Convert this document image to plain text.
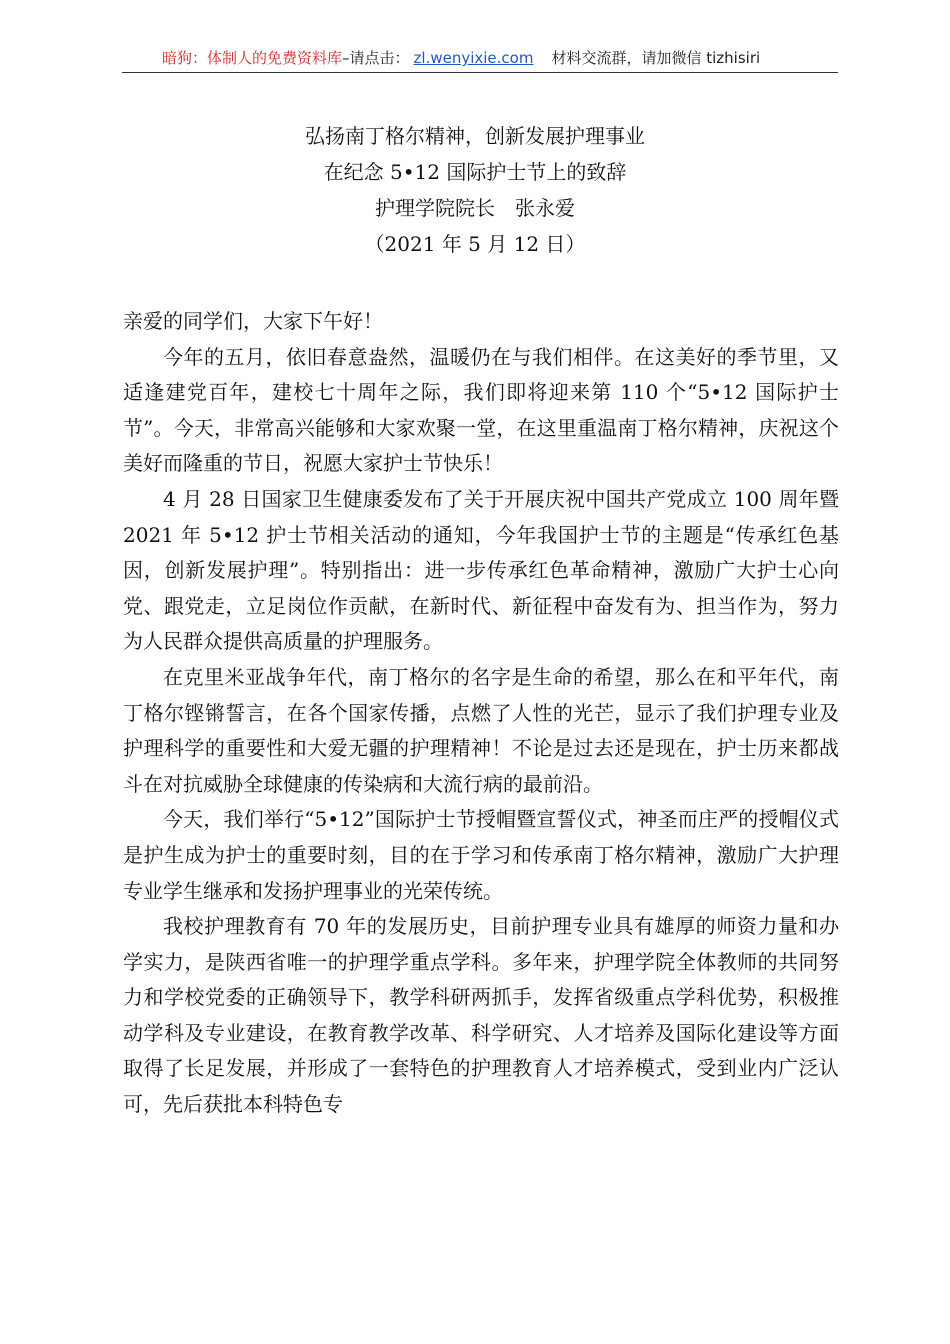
暗狗：体制人的免费资料库–请点击： zl.wenyixie.com 材料交流群，请加微信 tizhisiri
弘扬南丁格尔精神，创新发展护理事业
在纪念 5•12 国际护士节上的致辞
护理学院院长　张永爱
（2021 年 5 月 12 日）

亲爱的同学们，大家下午好！

今年的五月，依旧春意盎然，温暖仍在与我们相伴。在这美好的季节里，又适逢建党百年，建校七十周年之际，我们即将迎来第 110 个“5•12 国际护士节”。今天，非常高兴能够和大家欢聚一堂，在这里重温南丁格尔精神，庆祝这个美好而隆重的节日，祝愿大家护士节快乐！

4 月 28 日国家卫生健康委发布了关于开展庆祝中国共产党成立 100 周年暨 2021 年 5•12 护士节相关活动的通知，今年我国护士节的主题是“传承红色基因，创新发展护理”。特别指出：进一步传承红色革命精神，激励广大护士心向党、跟党走，立足岗位作贡献，在新时代、新征程中奋发有为、担当作为，努力为人民群众提供高质量的护理服务。

在克里米亚战争年代，南丁格尔的名字是生命的希望，那么在和平年代，南丁格尔铿锵誓言，在各个国家传播，点燃了人性的光芒，显示了我们护理专业及护理科学的重要性和大爱无疆的护理精神！不论是过去还是现在，护士历来都战斗在对抗威胁全球健康的传染病和大流行病的最前沿。

今天，我们举行“5•12”国际护士节授帽暨宣誓仪式，神圣而庄严的授帽仪式是护生成为护士的重要时刻，目的在于学习和传承南丁格尔精神，激励广大护理专业学生继承和发扬护理事业的光荣传统。

我校护理教育有 70 年的发展历史，目前护理专业具有雄厚的师资力量和办学实力，是陕西省唯一的护理学重点学科。多年来，护理学院全体教师的共同努力和学校党委的正确领导下，教学科研两抓手，发挥省级重点学科优势，积极推动学科及专业建设，在教育教学改革、科学研究、人才培养及国际化建设等方面取得了长足发展，并形成了一套特色的护理教育人才培养模式，受到业内广泛认可，先后获批本科特色专
